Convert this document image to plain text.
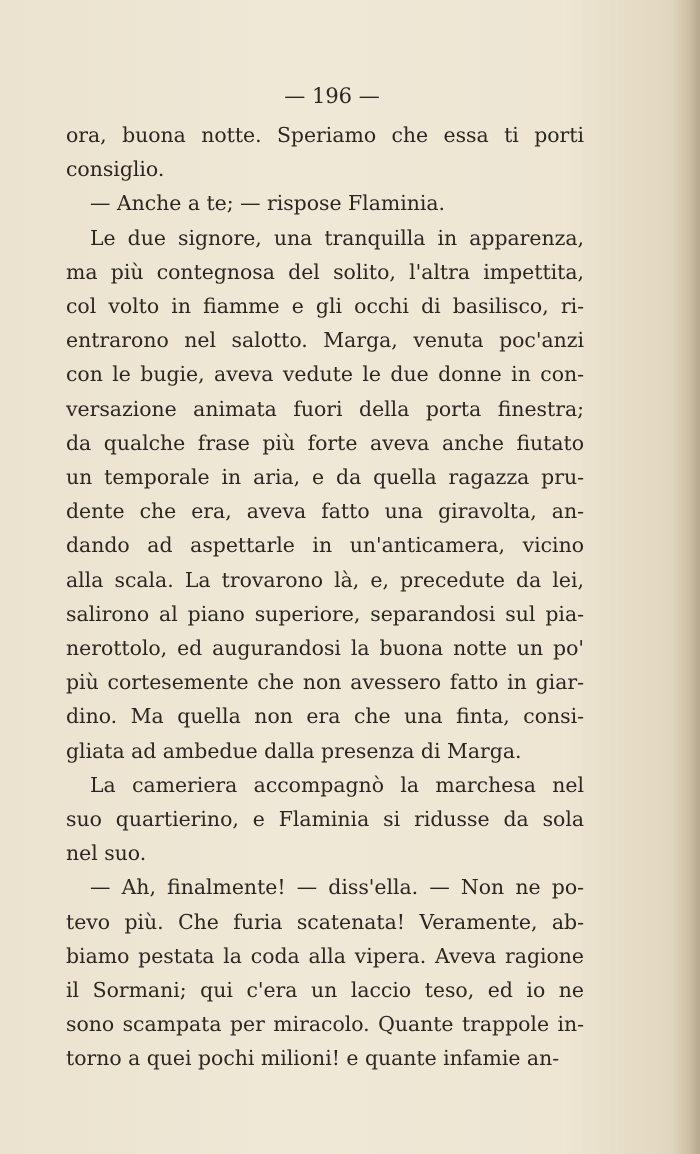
— 196 —

ora, buona notte. Speriamo che essa ti porti
consiglio.

— Anche a te; — rispose Flaminia.

Le due signore, una tranquilla in apparenza,
ma più contegnosa del solito, l'altra impettita,
col volto in fiamme e gli occhi di basilisco, ri-
entrarono nel salotto. Marga, venuta poc'anzi
con le bugie, aveva vedute le due donne in con-
versazione animata fuori della porta finestra;
da qualche frase più forte aveva anche fiutato
un temporale in aria, e da quella ragazza pru-
dente che era, aveva fatto una giravolta, an-
dando ad aspettarle in un'anticamera, vicino
alla scala. La trovarono là, e, precedute da lei,
salirono al piano superiore, separandosi sul pia-
nerottolo, ed augurandosi la buona notte un po'
più cortesemente che non avessero fatto in giar-
dino. Ma quella non era che una finta, consi-
gliata ad ambedue dalla presenza di Marga.

La cameriera accompagnò la marchesa nel
suo quartierino, e Flaminia si ridusse da sola
nel suo.

— Ah, finalmente! — diss'ella. — Non ne po-
tevo più. Che furia scatenata! Veramente, ab-
biamo pestata la coda alla vipera. Aveva ragione
il Sormani; qui c'era un laccio teso, ed io ne
sono scampata per miracolo. Quante trappole in-
torno a quei pochi milioni! e quante infamie an-
